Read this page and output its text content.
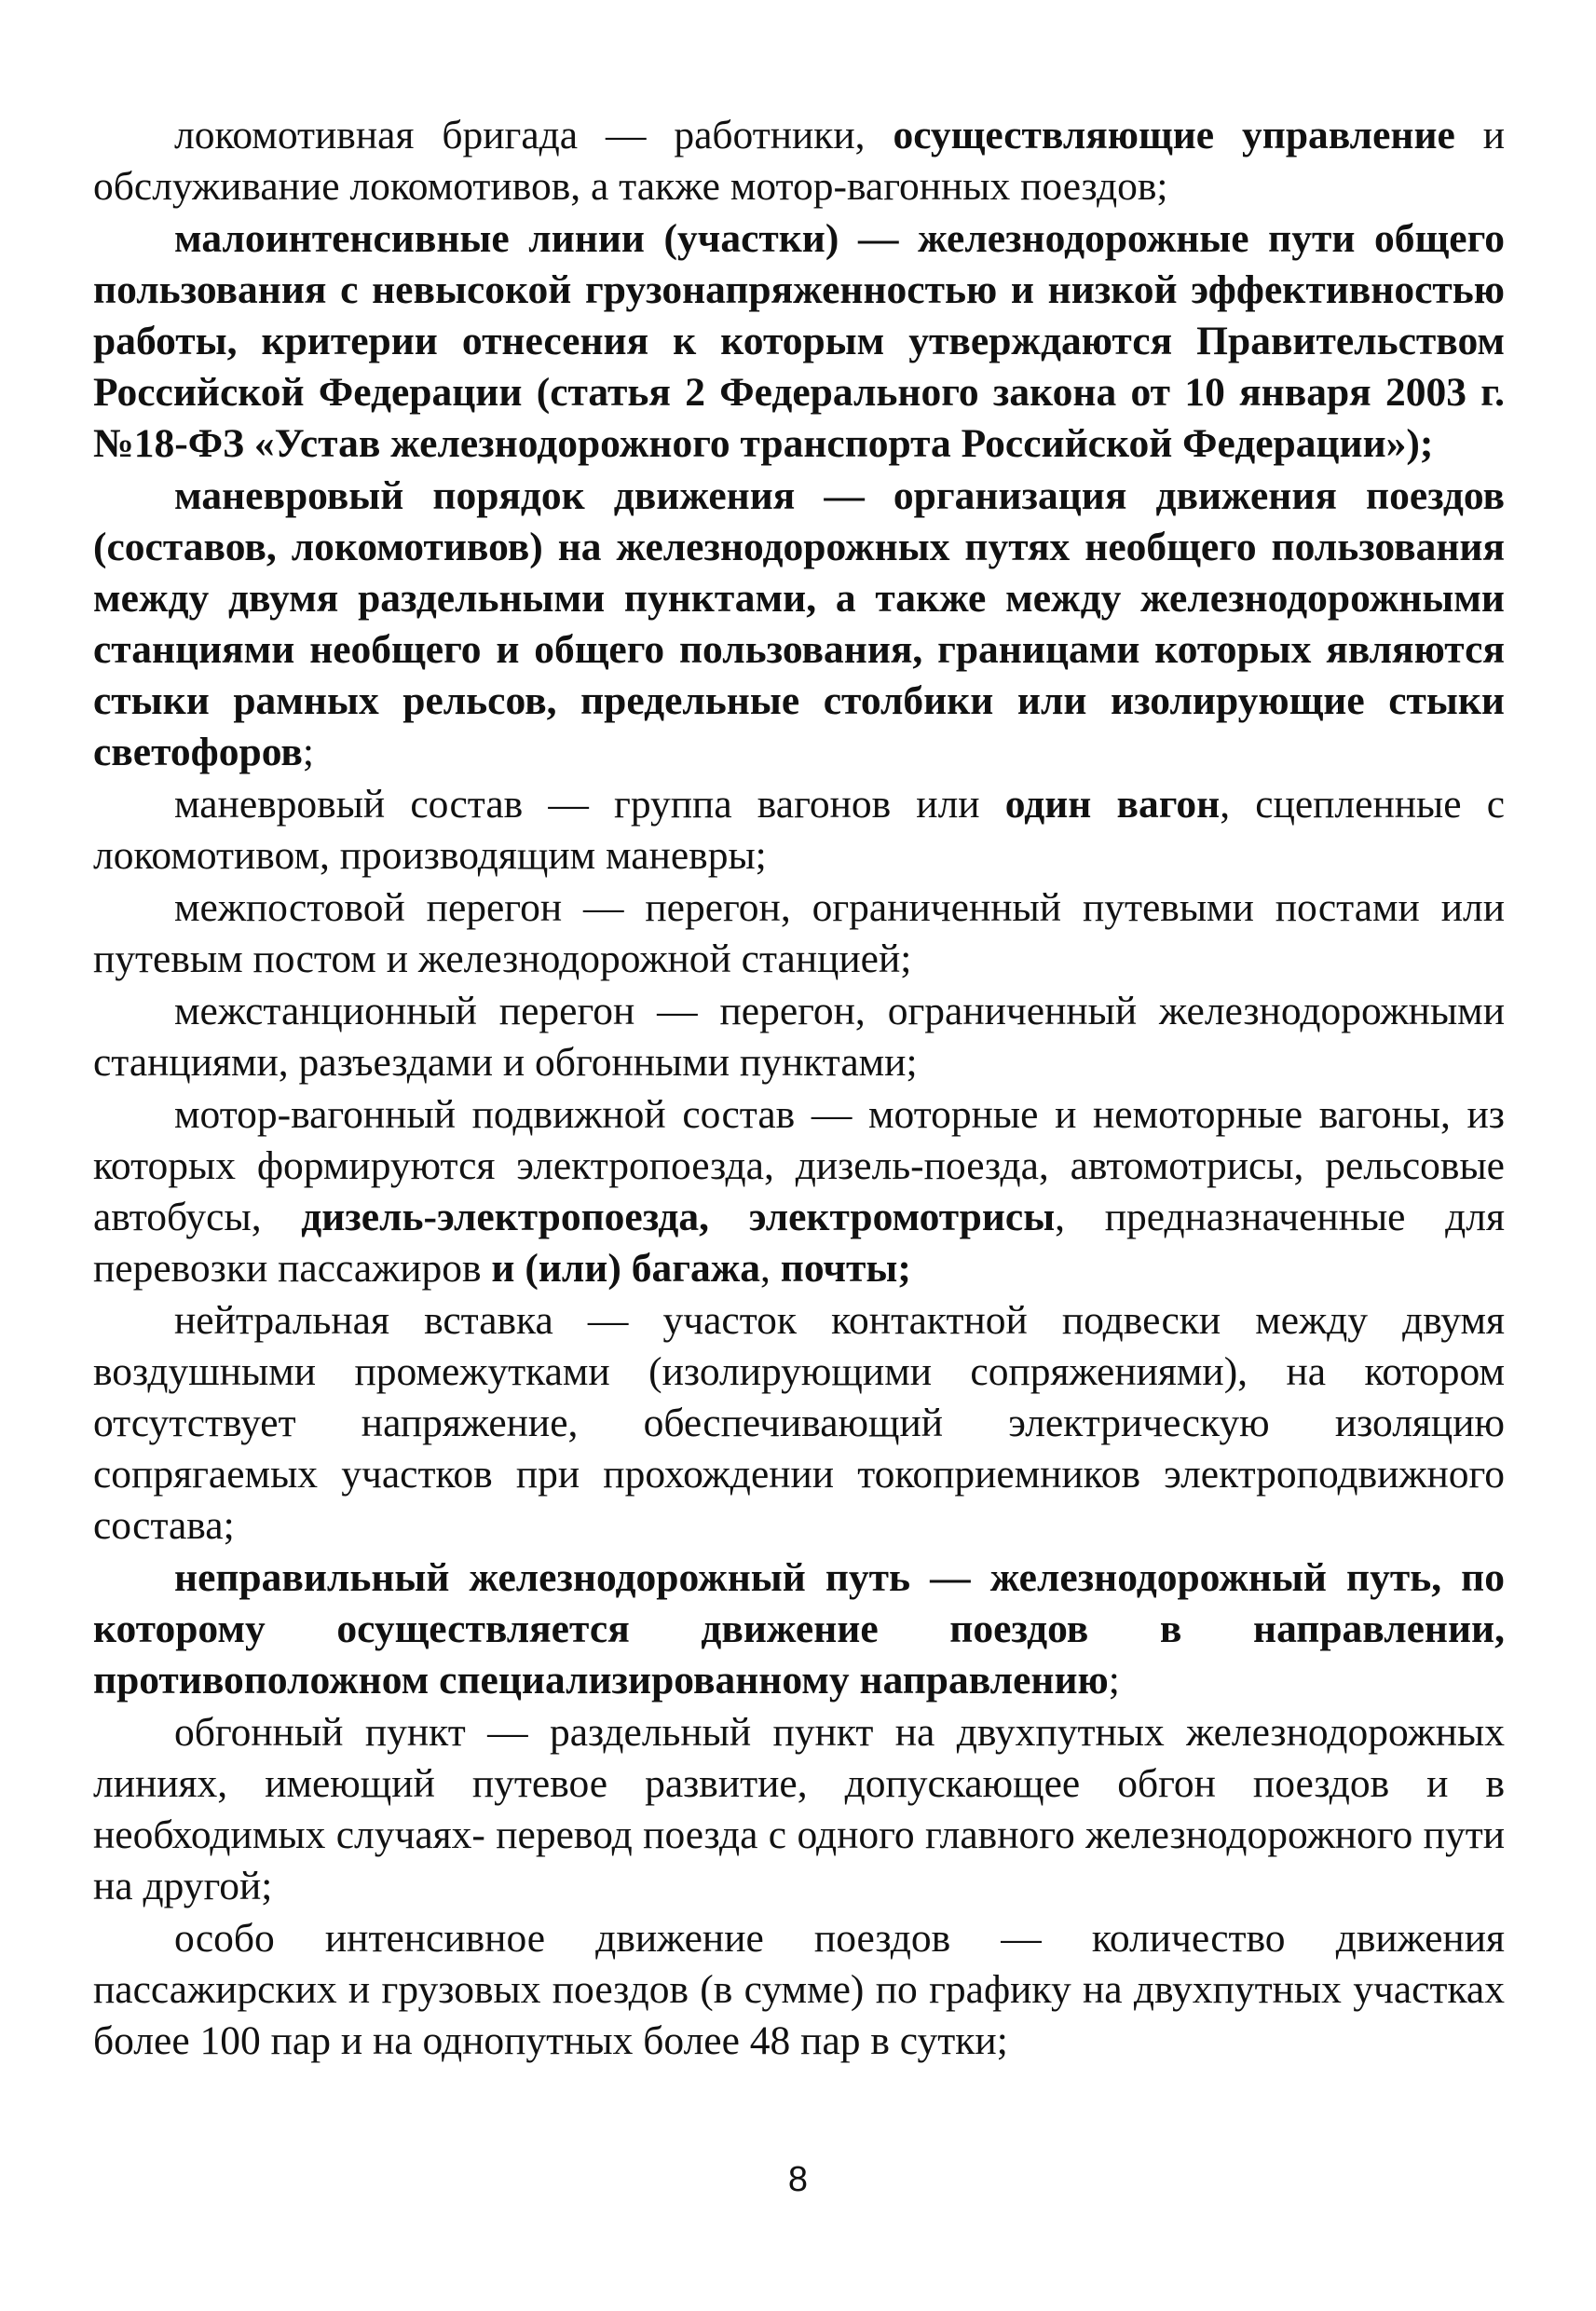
локомотивная бригада — работники, осуществляющие управление и обслуживание локомотивов, а также мотор-вагонных поездов;

малоинтенсивные линии (участки) — железнодорожные пути общего пользования с невысокой грузонапряженностью и низкой эффективностью работы, критерии отнесения к которым утверждаются Правительством Российской Федерации (статья 2 Федерального закона от 10 января 2003 г. №18-ФЗ «Устав железнодорожного транспорта Российской Федерации»);

маневровый порядок движения — организация движения поездов (составов, локомотивов) на железнодорожных путях необщего пользования между двумя раздельными пунктами, а также между железнодорожными станциями необщего и общего пользования, границами которых являются стыки рамных рельсов, предельные столбики или изолирующие стыки светофоров;

маневровый состав — группа вагонов или один вагон, сцепленные с локомотивом, производящим маневры;

межпостовой перегон — перегон, ограниченный путевыми постами или путевым постом и железнодорожной станцией;

межстанционный перегон — перегон, ограниченный железнодорожными станциями, разъездами и обгонными пунктами;

мотор-вагонный подвижной состав — моторные и немоторные вагоны, из которых формируются электропоезда, дизель-поезда, автомотрисы, рельсовые автобусы, дизель-электропоезда, электромотрисы, предназначенные для перевозки пассажиров и (или) багажа, почты;

нейтральная вставка — участок контактной подвески между двумя воздушными промежутками (изолирующими сопряжениями), на котором отсутствует напряжение, обеспечивающий электрическую изоляцию сопрягаемых участков при прохождении токоприемников электроподвижного состава;

неправильный железнодорожный путь — железнодорожный путь, по которому осуществляется движение поездов в направлении, противоположном специализированному направлению;

обгонный пункт — раздельный пункт на двухпутных железнодорожных линиях, имеющий путевое развитие, допускающее обгон поездов и в необходимых случаях- перевод поезда с одного главного железнодорожного пути на другой;

особо интенсивное движение поездов — количество движения пассажирских и грузовых поездов (в сумме) по графику на двухпутных участках более 100 пар и на однопутных более 48 пар в сутки;

8
